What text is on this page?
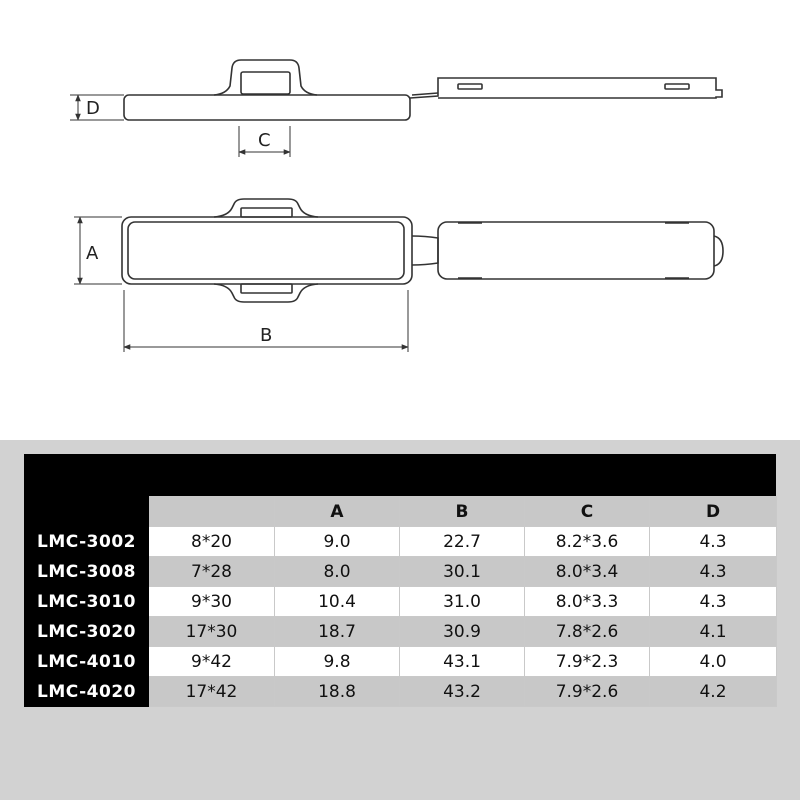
D
C
A
B
		A	B	C	D
LMC-3002	8*20	9.0	22.7	8.2*3.6	4.3
LMC-3008	7*28	8.0	30.1	8.0*3.4	4.3
LMC-3010	9*30	10.4	31.0	8.0*3.3	4.3
LMC-3020	17*30	18.7	30.9	7.8*2.6	4.1
LMC-4010	9*42	9.8	43.1	7.9*2.3	4.0
LMC-4020	17*42	18.8	43.2	7.9*2.6	4.2
